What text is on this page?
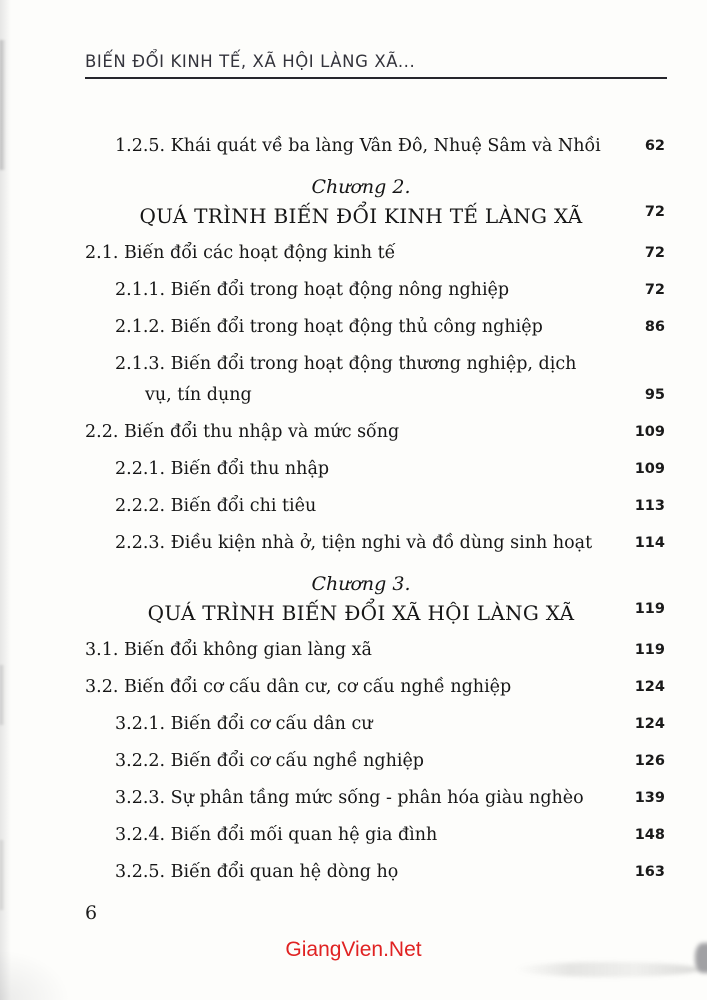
BIẾN ĐỔI KINH TẾ, XÃ HỘI LÀNG XÃ...
1.2.5. Khái quát về ba làng Vân Đô, Nhuệ Sâm và Nhồi	62
Chương 2.
QUÁ TRÌNH BIẾN ĐỔI KINH TẾ LÀNG XÃ	72
2.1. Biến đổi các hoạt động kinh tế	72
2.1.1. Biến đổi trong hoạt động nông nghiệp	72
2.1.2. Biến đổi trong hoạt động thủ công nghiệp	86
2.1.3. Biến đổi trong hoạt động thương nghiệp, dịch
vụ, tín dụng	95
2.2. Biến đổi thu nhập và mức sống	109
2.2.1. Biến đổi thu nhập	109
2.2.2. Biến đổi chi tiêu	113
2.2.3. Điều kiện nhà ở, tiện nghi và đồ dùng sinh hoạt	114
Chương 3.
QUÁ TRÌNH BIẾN ĐỔI XÃ HỘI LÀNG XÃ	119
3.1. Biến đổi không gian làng xã	119
3.2. Biến đổi cơ cấu dân cư, cơ cấu nghề nghiệp	124
3.2.1. Biến đổi cơ cấu dân cư	124
3.2.2. Biến đổi cơ cấu nghề nghiệp	126
3.2.3. Sự phân tầng mức sống - phân hóa giàu nghèo	139
3.2.4. Biến đổi mối quan hệ gia đình	148
3.2.5. Biến đổi quan hệ dòng họ	163
6
GiangVien.Net
